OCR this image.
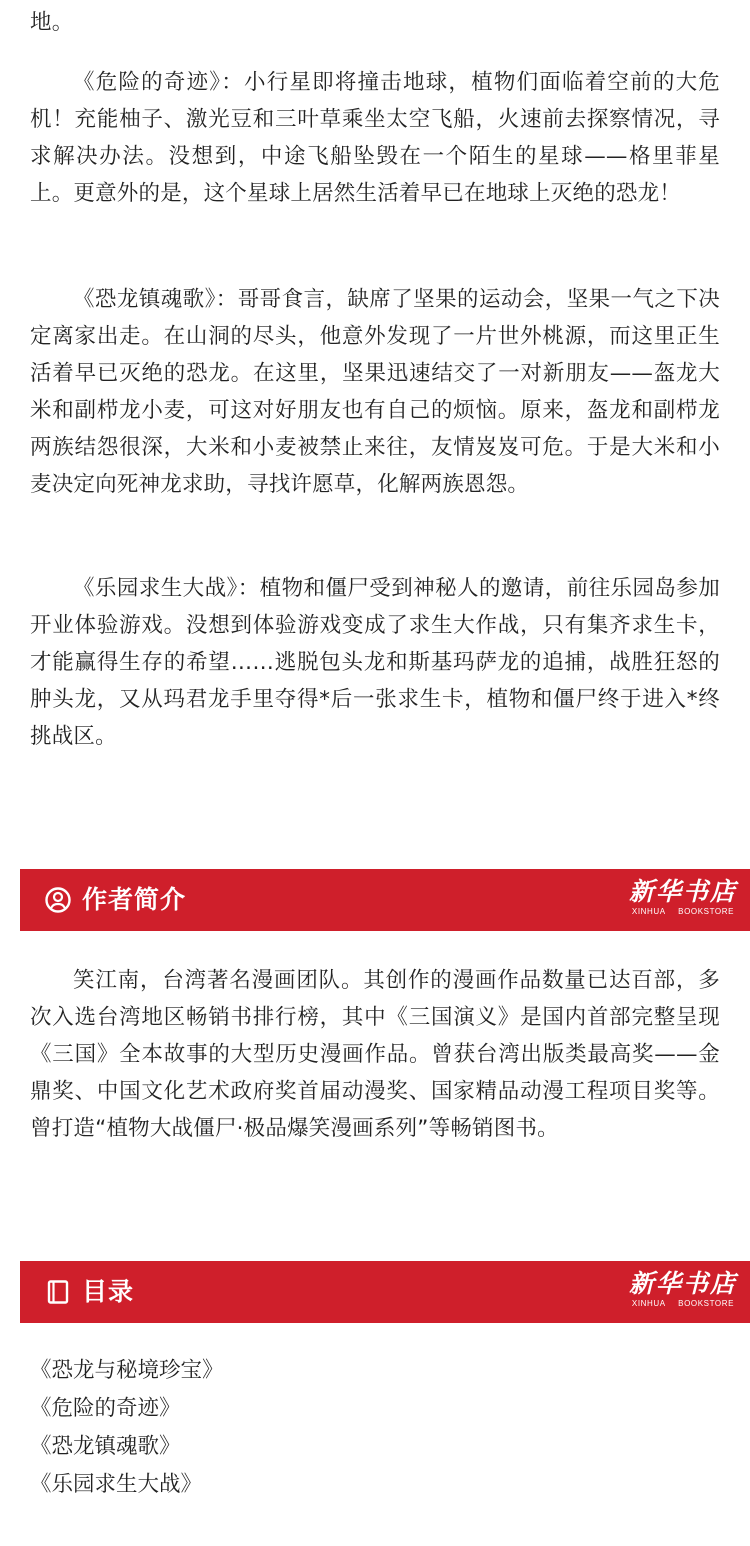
地。

《危险的奇迹》：小行星即将撞击地球，植物们面临着空前的大危机！充能柚子、激光豆和三叶草乘坐太空飞船，火速前去探察情况，寻求解决办法。没想到，中途飞船坠毁在一个陌生的星球——格里菲星上。更意外的是，这个星球上居然生活着早已在地球上灭绝的恐龙！

《恐龙镇魂歌》：哥哥食言，缺席了坚果的运动会，坚果一气之下决定离家出走。在山洞的尽头，他意外发现了一片世外桃源，而这里正生活着早已灭绝的恐龙。在这里，坚果迅速结交了一对新朋友——盔龙大米和副栉龙小麦，可这对好朋友也有自己的烦恼。原来，盔龙和副栉龙两族结怨很深，大米和小麦被禁止来往，友情岌岌可危。于是大米和小麦决定向死神龙求助，寻找许愿草，化解两族恩怨。

《乐园求生大战》：植物和僵尸受到神秘人的邀请，前往乐园岛参加开业体验游戏。没想到体验游戏变成了求生大作战，只有集齐求生卡，才能赢得生存的希望……逃脱包头龙和斯基玛萨龙的追捕，战胜狂怒的肿头龙，又从玛君龙手里夺得*后一张求生卡，植物和僵尸终于进入*终挑战区。

作者简介	新华书店
XINHUA BOOKSTORE

笑江南，台湾著名漫画团队。其创作的漫画作品数量已达百部，多次入选台湾地区畅销书排行榜，其中《三国演义》是国内首部完整呈现《三国》全本故事的大型历史漫画作品。曾获台湾出版类最高奖——金鼎奖、中国文化艺术政府奖首届动漫奖、国家精品动漫工程项目奖等。曾打造“植物大战僵尸·极品爆笑漫画系列”等畅销图书。

目录	新华书店
XINHUA BOOKSTORE
《恐龙与秘境珍宝》
《危险的奇迹》
《恐龙镇魂歌》
《乐园求生大战》
